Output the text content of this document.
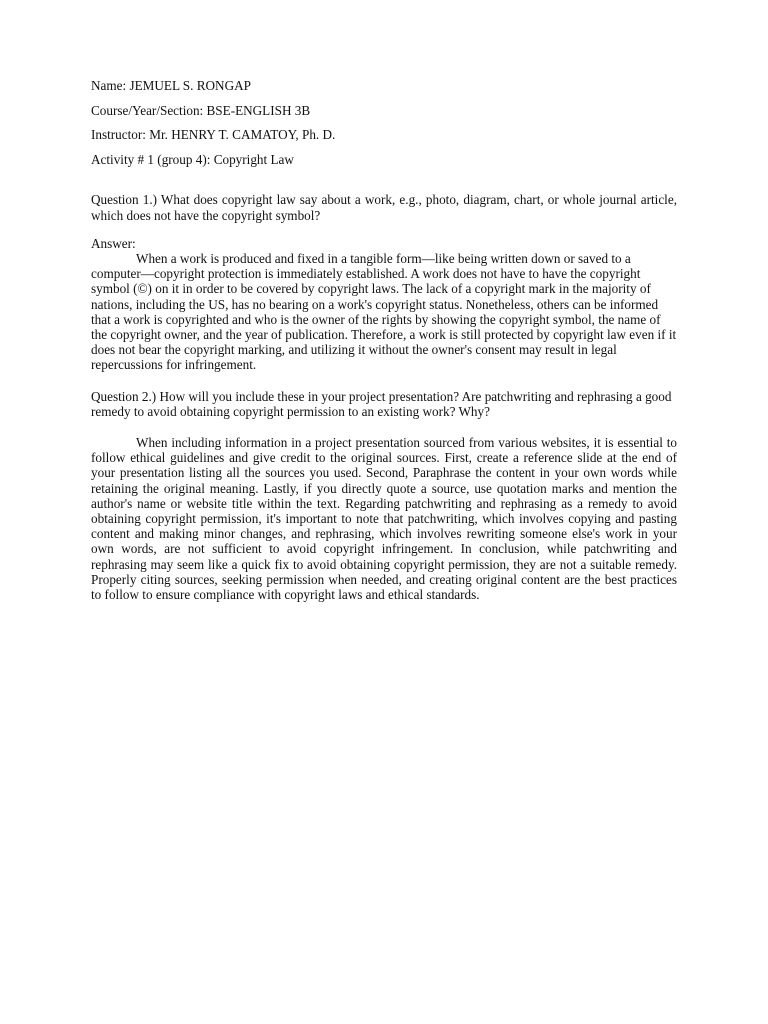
Name: JEMUEL S. RONGAP

Course/Year/Section: BSE-ENGLISH 3B

Instructor: Mr. HENRY T. CAMATOY, Ph. D.

Activity # 1 (group 4): Copyright Law

Question 1.) What does copyright law say about a work, e.g., photo, diagram, chart, or whole journal article, which does not have the copyright symbol?

Answer:

When a work is produced and fixed in a tangible form—like being written down or saved to a computer—copyright protection is immediately established. A work does not have to have the copyright symbol (©) on it in order to be covered by copyright laws. The lack of a copyright mark in the majority of nations, including the US, has no bearing on a work's copyright status. Nonetheless, others can be informed that a work is copyrighted and who is the owner of the rights by showing the copyright symbol, the name of the copyright owner, and the year of publication. Therefore, a work is still protected by copyright law even if it does not bear the copyright marking, and utilizing it without the owner's consent may result in legal repercussions for infringement.

Question 2.) How will you include these in your project presentation? Are patchwriting and rephrasing a good remedy to avoid obtaining copyright permission to an existing work? Why?

When including information in a project presentation sourced from various websites, it is essential to follow ethical guidelines and give credit to the original sources. First, create a reference slide at the end of your presentation listing all the sources you used. Second, Paraphrase the content in your own words while retaining the original meaning. Lastly, if you directly quote a source, use quotation marks and mention the author's name or website title within the text. Regarding patchwriting and rephrasing as a remedy to avoid obtaining copyright permission, it's important to note that patchwriting, which involves copying and pasting content and making minor changes, and rephrasing, which involves rewriting someone else's work in your own words, are not sufficient to avoid copyright infringement. In conclusion, while patchwriting and rephrasing may seem like a quick fix to avoid obtaining copyright permission, they are not a suitable remedy. Properly citing sources, seeking permission when needed, and creating original content are the best practices to follow to ensure compliance with copyright laws and ethical standards.
